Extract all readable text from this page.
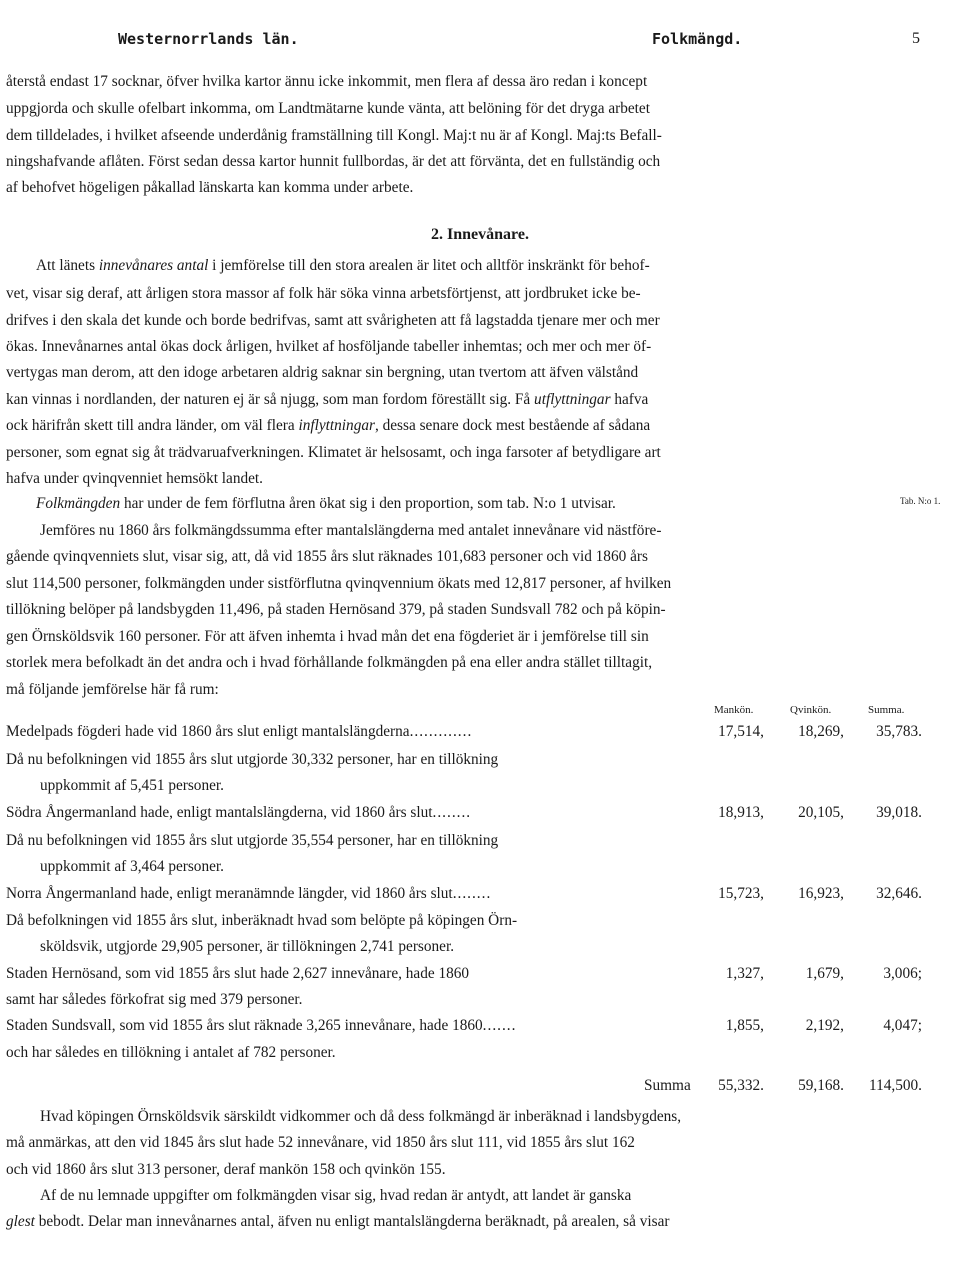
Westernorrlands län.	Folkmängd.	5
återstå endast 17 socknar, öfver hvilka kartor ännu icke inkommit, men flera af dessa äro redan i koncept
uppgjorda och skulle ofelbart inkomma, om Landtmätarne kunde vänta, att belöning för det dryga arbetet
dem tilldelades, i hvilket afseende underdånig framställning till Kongl. Maj:t nu är af Kongl. Maj:ts Befall-
ningshafvande aflåten. Först sedan dessa kartor hunnit fullbordas, är det att förvänta, det en fullständig och
af behofvet högeligen påkallad länskarta kan komma under arbete.
2. Innevånare.
Att länets innevånares antal i jemförelse till den stora arealen är litet och alltför inskränkt för behof-
vet, visar sig deraf, att årligen stora massor af folk här söka vinna arbetsförtjenst, att jordbruket icke be-
drifves i den skala det kunde och borde bedrifvas, samt att svårigheten att få lagstadda tjenare mer och mer
ökas. Innevånarnes antal ökas dock årligen, hvilket af hosföljande tabeller inhemtas; och mer och mer öf-
vertygas man derom, att den idoge arbetaren aldrig saknar sin bergning, utan tvertom att äfven välstånd
kan vinnas i nordlanden, der naturen ej är så njugg, som man fordom föreställt sig. Få utflyttningar hafva
ock härifrån skett till andra länder, om väl flera inflyttningar, dessa senare dock mest bestående af sådana
personer, som egnat sig åt trädvaruafverkningen. Klimatet är helsosamt, och inga farsoter af betydligare art
hafva under qvinqvenniet hemsökt landet.
Folkmängden har under de fem förflutna åren ökat sig i den proportion, som tab. N:o 1 utvisar.	Tab. N:o 1.
Jemföres nu 1860 års folkmängdssumma efter mantalslängderna med antalet innevånare vid nästföre-
gående qvinqvenniets slut, visar sig, att, då vid 1855 års slut räknades 101,683 personer och vid 1860 års
slut 114,500 personer, folkmängden under sistförflutna qvinqvennium ökats med 12,817 personer, af hvilken
tillökning belöper på landsbygden 11,496, på staden Hernösand 379, på staden Sundsvall 782 och på köpin-
gen Örnsköldsvik 160 personer. För att äfven inhemta i hvad mån det ena fögderiet är i jemförelse till sin
storlek mera befolkadt än det andra och i hvad förhållande folkmängden på ena eller andra stället tilltagit,
må följande jemförelse här få rum:
Mankön.	Qvinkön.	Summa.
Medelpads fögderi hade vid 1860 års slut enligt mantalslängderna.............	17,514, 18,269, 35,783.
Då nu befolkningen vid 1855 års slut utgjorde 30,332 personer, har en tillökning
uppkommit af 5,451 personer.
Södra Ångermanland hade, enligt mantalslängderna, vid 1860 års slut........	18,913, 20,105, 39,018.
Då nu befolkningen vid 1855 års slut utgjorde 35,554 personer, har en tillökning
uppkommit af 3,464 personer.
Norra Ångermanland hade, enligt meranämnde längder, vid 1860 års slut........	15,723, 16,923, 32,646.
Då befolkningen vid 1855 års slut, inberäknadt hvad som belöpte på köpingen Örn-
sköldsvik, utgjorde 29,905 personer, är tillökningen 2,741 personer.
Staden Hernösand, som vid 1855 års slut hade 2,627 innevånare, hade 1860	1,327,	1,679,	3,006;
samt har således förkofrat sig med 379 personer.
Staden Sundsvall, som vid 1855 års slut räknade 3,265 innevånare, hade 1860.......	1,855,	2,192,	4,047;
och har således en tillökning i antalet af 782 personer.
Summa 55,332. 59,168. 114,500.
Hvad köpingen Örnsköldsvik särskildt vidkommer och då dess folkmängd är inberäknad i landsbygdens,
må anmärkas, att den vid 1845 års slut hade 52 innevånare, vid 1850 års slut 111, vid 1855 års slut 162
och vid 1860 års slut 313 personer, deraf mankön 158 och qvinkön 155.
Af de nu lemnade uppgifter om folkmängden visar sig, hvad redan är antydt, att landet är ganska
glest bebodt. Delar man innevånarnes antal, äfven nu enligt mantalslängderna beräknadt, på arealen, så visar
